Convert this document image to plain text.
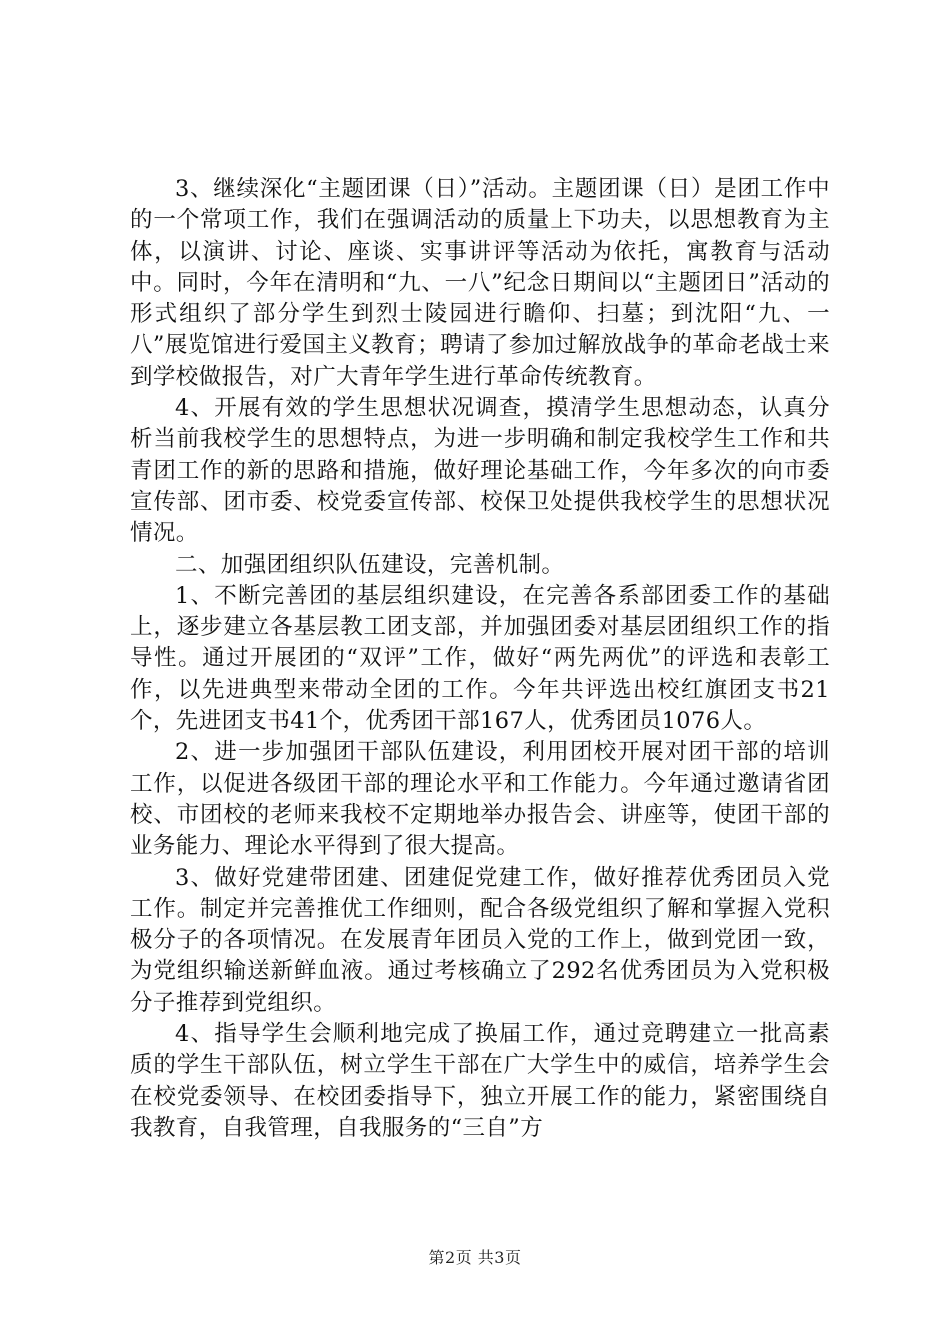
3、继续深化“主题团课（日）”活动。主题团课（日）是团工作中的一个常项工作，我们在强调活动的质量上下功夫，以思想教育为主体，以演讲、讨论、座谈、实事讲评等活动为依托，寓教育与活动中。同时，今年在清明和“九、一八”纪念日期间以“主题团日”活动的形式组织了部分学生到烈士陵园进行瞻仰、扫墓；到沈阳“九、一八”展览馆进行爱国主义教育；聘请了参加过解放战争的革命老战士来到学校做报告，对广大青年学生进行革命传统教育。

4、开展有效的学生思想状况调查，摸清学生思想动态，认真分析当前我校学生的思想特点，为进一步明确和制定我校学生工作和共青团工作的新的思路和措施，做好理论基础工作，今年多次的向市委宣传部、团市委、校党委宣传部、校保卫处提供我校学生的思想状况情况。

二、加强团组织队伍建设，完善机制。

1、不断完善团的基层组织建设，在完善各系部团委工作的基础上，逐步建立各基层教工团支部，并加强团委对基层团组织工作的指导性。通过开展团的“双评”工作，做好“两先两优”的评选和表彰工作，以先进典型来带动全团的工作。今年共评选出校红旗团支书21个，先进团支书41个，优秀团干部167人，优秀团员1076人。

2、进一步加强团干部队伍建设，利用团校开展对团干部的培训工作，以促进各级团干部的理论水平和工作能力。今年通过邀请省团校、市团校的老师来我校不定期地举办报告会、讲座等，使团干部的业务能力、理论水平得到了很大提高。

3、做好党建带团建、团建促党建工作，做好推荐优秀团员入党工作。制定并完善推优工作细则，配合各级党组织了解和掌握入党积极分子的各项情况。在发展青年团员入党的工作上，做到党团一致，为党组织输送新鲜血液。通过考核确立了292名优秀团员为入党积极分子推荐到党组织。

4、指导学生会顺利地完成了换届工作，通过竞聘建立一批高素质的学生干部队伍，树立学生干部在广大学生中的威信，培养学生会在校党委领导、在校团委指导下，独立开展工作的能力，紧密围绕自我教育，自我管理，自我服务的“三自”方

第2页 共3页
